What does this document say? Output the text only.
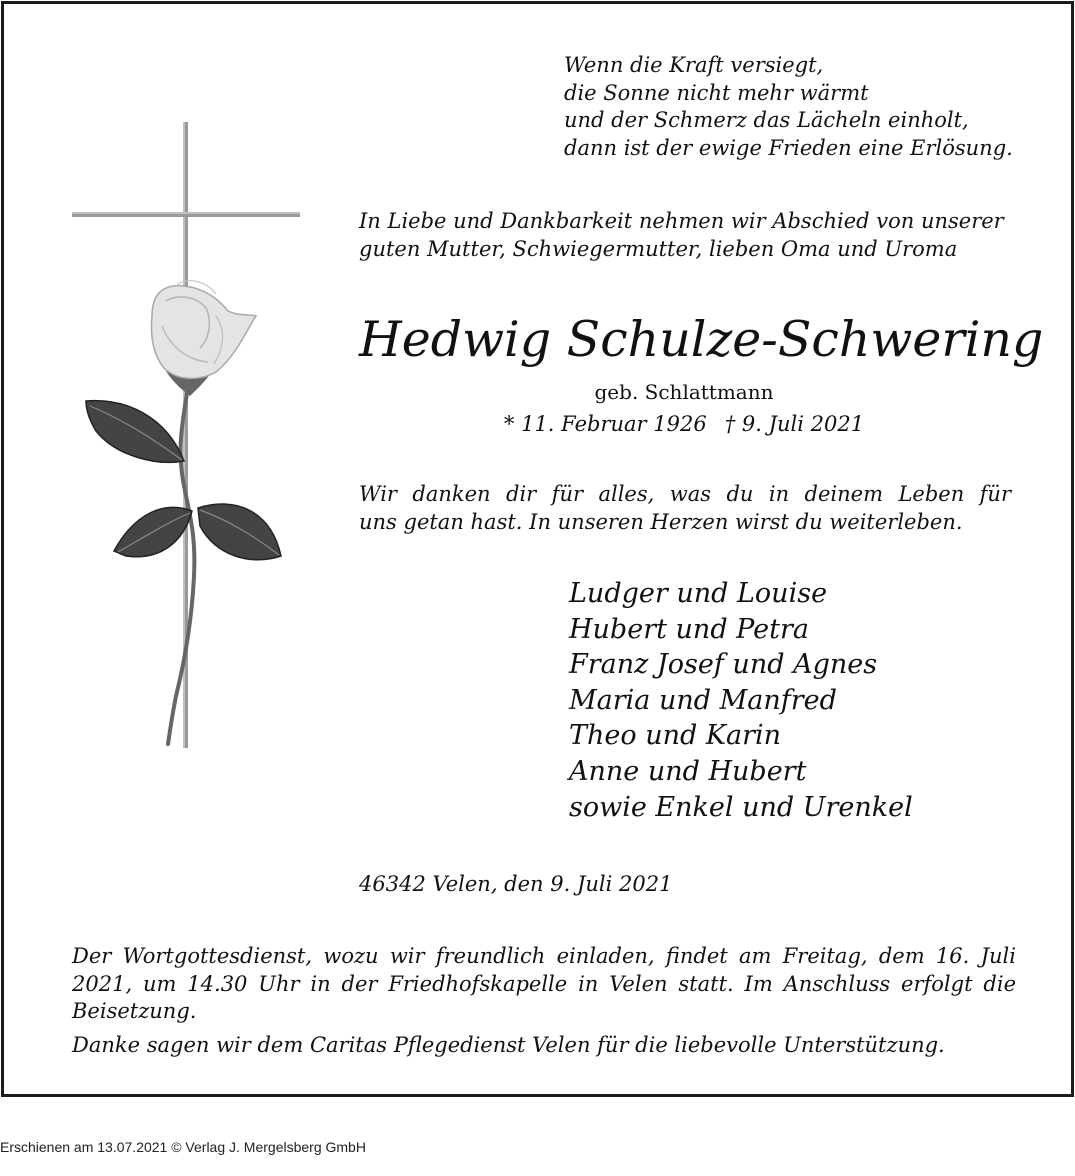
Wenn die Kraft versiegt,
die Sonne nicht mehr wärmt
und der Schmerz das Lächeln einholt,
dann ist der ewige Frieden eine Erlösung.
In Liebe und Dankbarkeit nehmen wir Abschied von unserer
guten Mutter, Schwiegermutter, lieben Oma und Uroma
Hedwig Schulze-Schwering
geb. Schlattmann
* 11. Februar 1926 † 9. Juli 2021
Wir danken dir für alles, was du in deinem Leben für
uns getan hast. In unseren Herzen wirst du weiterleben.
Ludger und Louise
Hubert und Petra
Franz Josef und Agnes
Maria und Manfred
Theo und Karin
Anne und Hubert
sowie Enkel und Urenkel
46342 Velen, den 9. Juli 2021
Der Wortgottesdienst, wozu wir freundlich einladen, findet am Freitag, dem 16. Juli
2021, um 14.30 Uhr in der Friedhofskapelle in Velen statt. Im Anschluss erfolgt die
Beisetzung.
Danke sagen wir dem Caritas Pflegedienst Velen für die liebevolle Unterstützung.
Erschienen am 13.07.2021 © Verlag J. Mergelsberg GmbH
